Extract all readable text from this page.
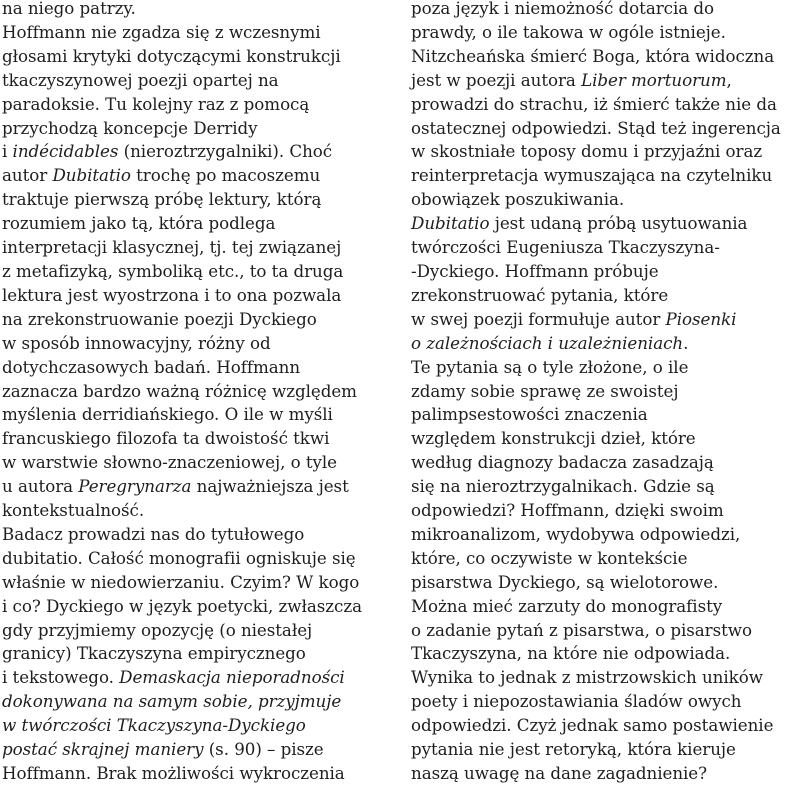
na niego patrzy.
Hoffmann nie zgadza się z wczesnymi
głosami krytyki dotyczącymi konstrukcji
tkaczyszynowej poezji opartej na
paradoksie. Tu kolejny raz z pomocą
przychodzą koncepcje Derridy
i indécidables (nieroztrzygalniki). Choć
autor Dubitatio trochę po macoszemu
traktuje pierwszą próbę lektury, którą
rozumiem jako tą, która podlega
interpretacji klasycznej, tj. tej związanej
z metafizyką, symboliką etc., to ta druga
lektura jest wyostrzona i to ona pozwala
na zrekonstruowanie poezji Dyckiego
w sposób innowacyjny, różny od
dotychczasowych badań. Hoffmann
zaznacza bardzo ważną różnicę względem
myślenia derridiańskiego. O ile w myśli
francuskiego filozofa ta dwoistość tkwi
w warstwie słowno-znaczeniowej, o tyle
u autora Peregrynarza najważniejsza jest
kontekstualność.
Badacz prowadzi nas do tytułowego
dubitatio. Całość monografii ogniskuje się
właśnie w niedowierzaniu. Czyim? W kogo
i co? Dyckiego w język poetycki, zwłaszcza
gdy przyjmiemy opozycję (o niestałej
granicy) Tkaczyszyna empirycznego
i tekstowego. Demaskacja nieporadności
dokonywana na samym sobie, przyjmuje
w twórczości Tkaczyszyna-Dyckiego
postać skrajnej maniery (s. 90) – pisze
Hoffmann. Brak możliwości wykroczenia
poza język i niemożność dotarcia do
prawdy, o ile takowa w ogóle istnieje.
Nitzcheańska śmierć Boga, która widoczna
jest w poezji autora Liber mortuorum,
prowadzi do strachu, iż śmierć także nie da
ostatecznej odpowiedzi. Stąd też ingerencja
w skostniałe toposy domu i przyjaźni oraz
reinterpretacja wymuszająca na czytelniku
obowiązek poszukiwania.
Dubitatio jest udaną próbą usytuowania
twórczości Eugeniusza Tkaczyszyna-
-Dyckiego. Hoffmann próbuje
zrekonstruować pytania, które
w swej poezji formułuje autor Piosenki
o zależnościach i uzależnieniach.
Te pytania są o tyle złożone, o ile
zdamy sobie sprawę ze swoistej
palimpsestowości znaczenia
względem konstrukcji dzieł, które
według diagnozy badacza zasadzają
się na nieroztrzygalnikach. Gdzie są
odpowiedzi? Hoffmann, dzięki swoim
mikroanalizom, wydobywa odpowiedzi,
które, co oczywiste w kontekście
pisarstwa Dyckiego, są wielotorowe.
Można mieć zarzuty do monografisty
o zadanie pytań z pisarstwa, o pisarstwo
Tkaczyszyna, na które nie odpowiada.
Wynika to jednak z mistrzowskich uników
poety i niepozostawiania śladów owych
odpowiedzi. Czyż jednak samo postawienie
pytania nie jest retoryką, która kieruje
naszą uwagę na dane zagadnienie?
